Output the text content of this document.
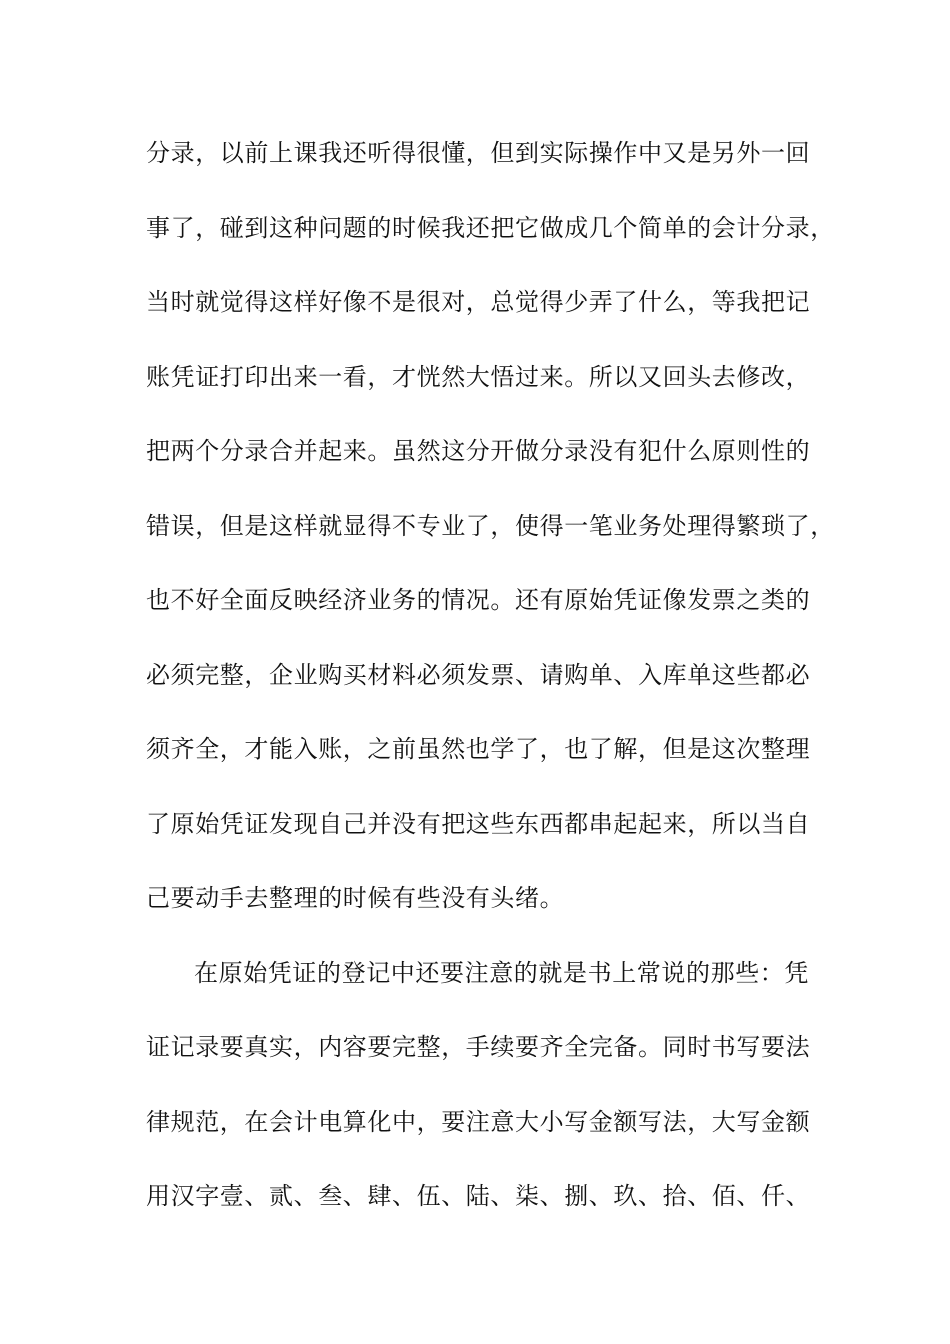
分录，以前上课我还听得很懂，但到实际操作中又是另外一回
事了，碰到这种问题的时候我还把它做成几个简单的会计分录，
当时就觉得这样好像不是很对，总觉得少弄了什么，等我把记
账凭证打印出来一看，才恍然大悟过来。所以又回头去修改，
把两个分录合并起来。虽然这分开做分录没有犯什么原则性的
错误，但是这样就显得不专业了，使得一笔业务处理得繁琐了，
也不好全面反映经济业务的情况。还有原始凭证像发票之类的
必须完整，企业购买材料必须发票、请购单、入库单这些都必
须齐全，才能入账，之前虽然也学了，也了解，但是这次整理
了原始凭证发现自己并没有把这些东西都串起起来，所以当自
己要动手去整理的时候有些没有头绪。
在原始凭证的登记中还要注意的就是书上常说的那些：凭
证记录要真实，内容要完整，手续要齐全完备。同时书写要法
律规范，在会计电算化中，要注意大小写金额写法，大写金额
用汉字壹、贰、叁、肆、伍、陆、柒、捌、玖、拾、佰、仟、
